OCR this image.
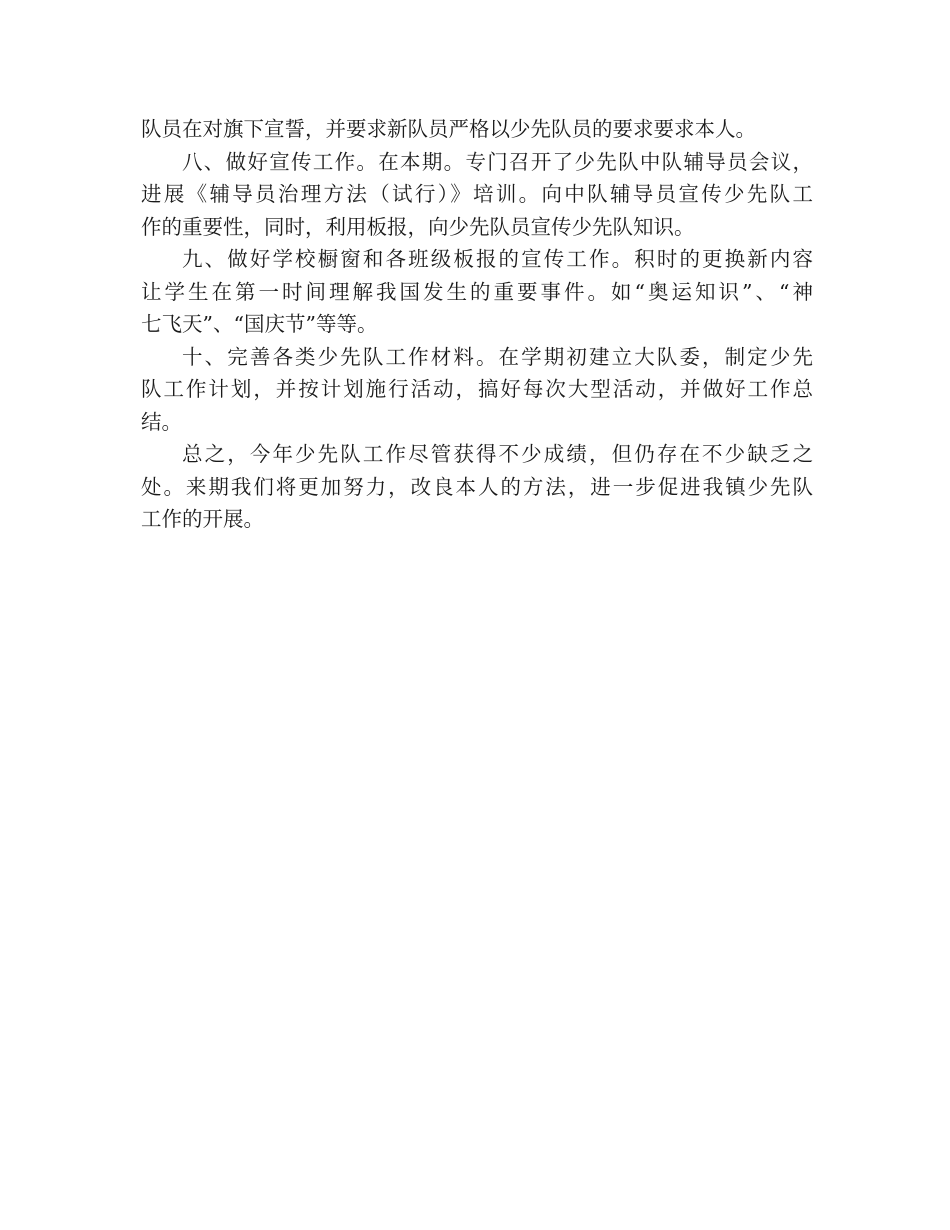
队员在对旗下宣誓，并要求新队员严格以少先队员的要求要求本人。

八、做好宣传工作。在本期。专门召开了少先队中队辅导员会议，
进展《辅导员治理方法（试行）》培训。向中队辅导员宣传少先队工
作的重要性，同时，利用板报，向少先队员宣传少先队知识。

九、做好学校橱窗和各班级板报的宣传工作。积时的更换新内容
让学生在第一时间理解我国发生的重要事件。如“奥运知识”、“神
七飞天”、“国庆节”等等。

十、完善各类少先队工作材料。在学期初建立大队委，制定少先
队工作计划，并按计划施行活动，搞好每次大型活动，并做好工作总
结。

总之，今年少先队工作尽管获得不少成绩，但仍存在不少缺乏之
处。来期我们将更加努力，改良本人的方法，进一步促进我镇少先队
工作的开展。
